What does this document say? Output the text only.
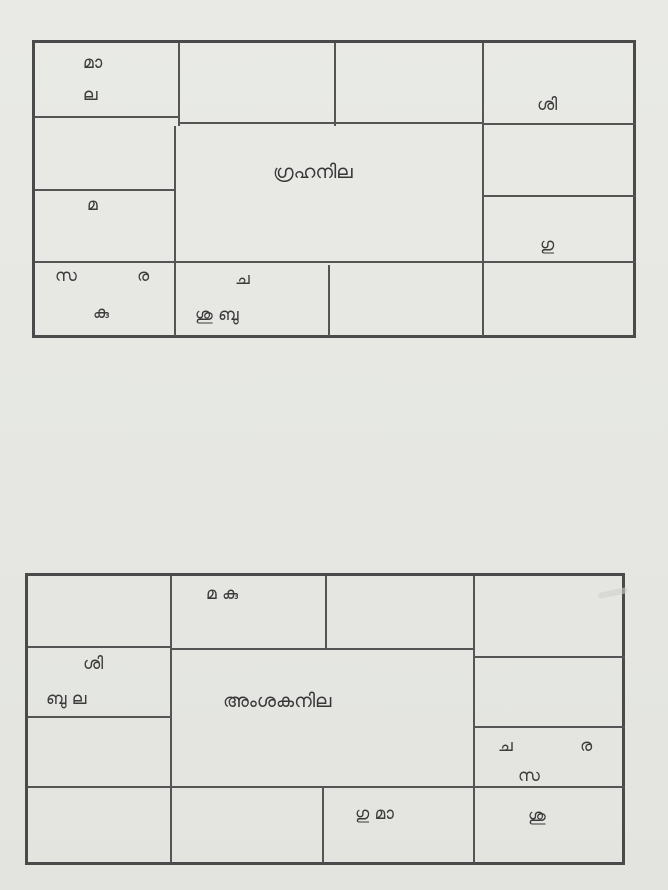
മാ
ല	ശി
മ
ഗു
സ	ര
കു
ച
ശു ബു
ഗ്രഹനില
മ കു
ശി
ബു ല
ച	ര
സ
ഗു മാ	ശു
അംശകനില
